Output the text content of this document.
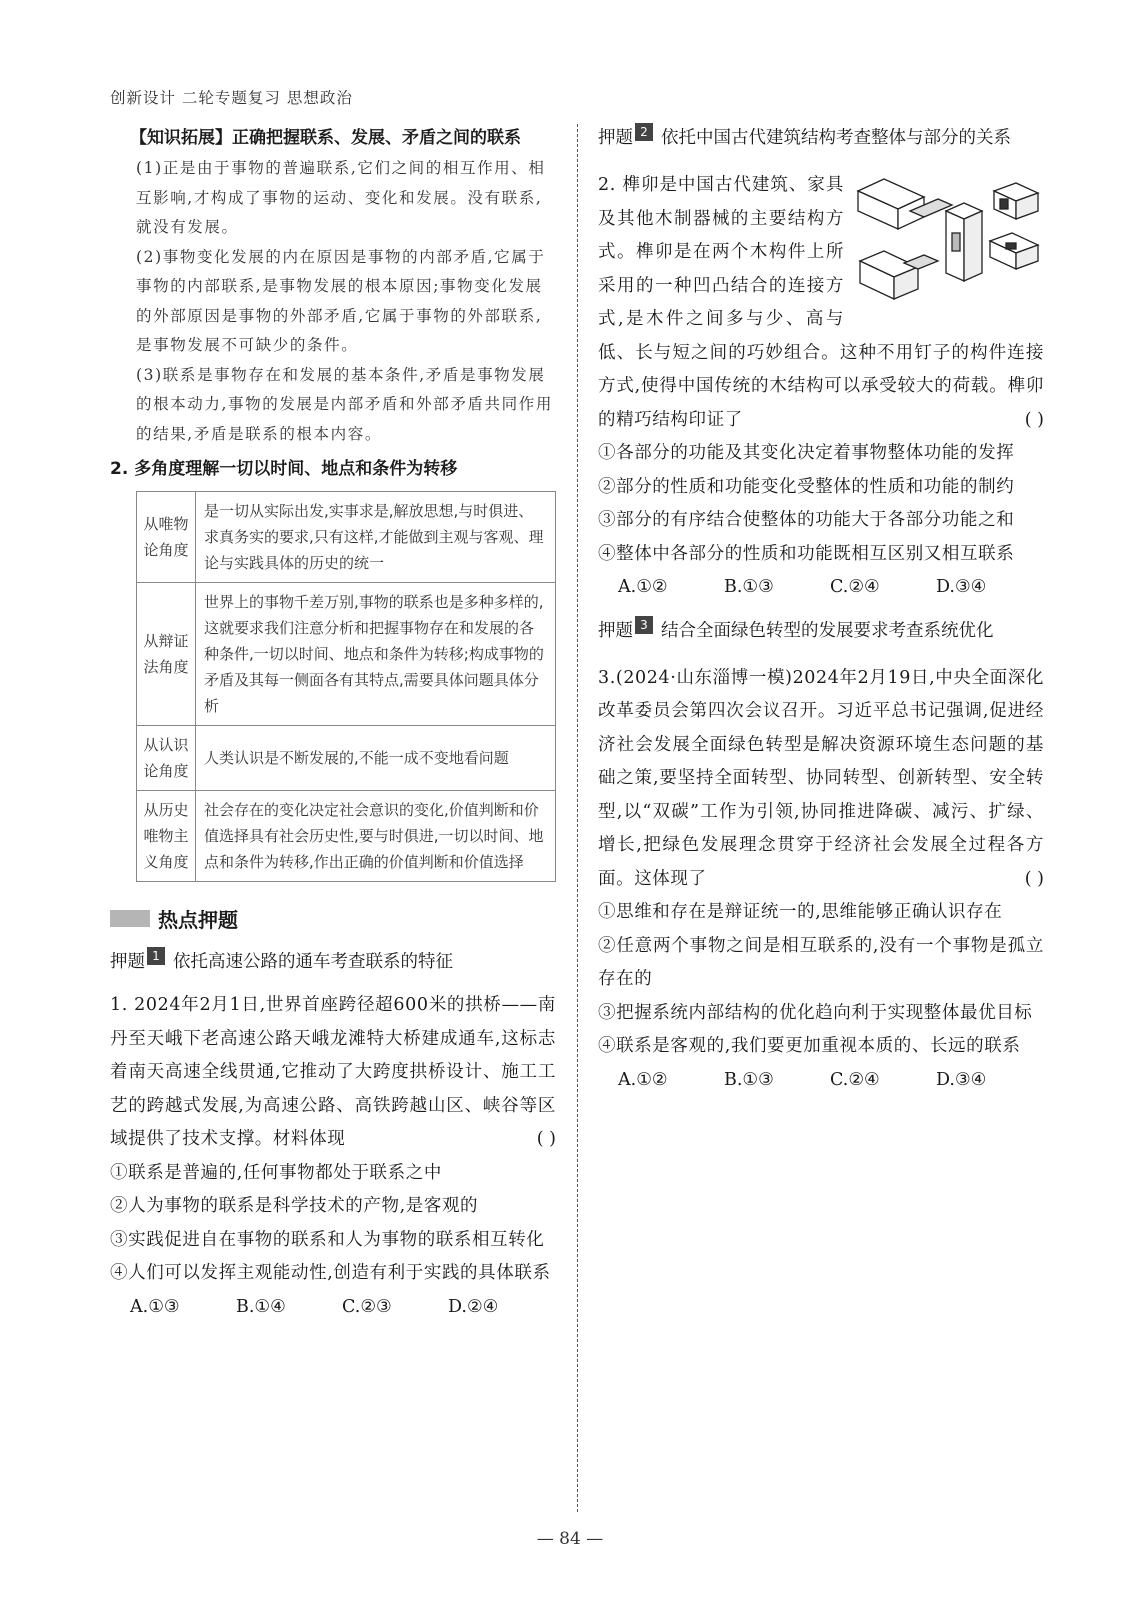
创新设计 二轮专题复习 思想政治
【知识拓展】正确把握联系、发展、矛盾之间的联系

(1)正是由于事物的普遍联系,它们之间的相互作用、相互影响,才构成了事物的运动、变化和发展。没有联系,就没有发展。

(2)事物变化发展的内在原因是事物的内部矛盾,它属于事物的内部联系,是事物发展的根本原因;事物变化发展的外部原因是事物的外部矛盾,它属于事物的外部联系,是事物发展不可缺少的条件。

(3)联系是事物存在和发展的基本条件,矛盾是事物发展的根本动力,事物的发展是内部矛盾和外部矛盾共同作用的结果,矛盾是联系的根本内容。

2. 多角度理解一切以时间、地点和条件为转移
从唯物论角度	是一切从实际出发,实事求是,解放思想,与时俱进、求真务实的要求,只有这样,才能做到主观与客观、理论与实践具体的历史的统一
从辩证法角度	世界上的事物千差万别,事物的联系也是多种多样的,这就要求我们注意分析和把握事物存在和发展的各种条件,一切以时间、地点和条件为转移;构成事物的矛盾及其每一侧面各有其特点,需要具体问题具体分析
从认识论角度	人类认识是不断发展的,不能一成不变地看问题
从历史唯物主义角度	社会存在的变化决定社会意识的变化,价值判断和价值选择具有社会历史性,要与时俱进,一切以时间、地点和条件为转移,作出正确的价值判断和价值选择
热点押题
押题 1 依托高速公路的通车考查联系的特征

1. 2024年2月1日,世界首座跨径超600米的拱桥——南丹至天峨下老高速公路天峨龙滩特大桥建成通车,这标志着南天高速全线贯通,它推动了大跨度拱桥设计、施工工艺的跨越式发展,为高速公路、高铁跨越山区、峡谷等区域提供了技术支撑。材料体现	( )

①联系是普遍的,任何事物都处于联系之中

②人为事物的联系是科学技术的产物,是客观的

③实践促进自在事物的联系和人为事物的联系相互转化

④人们可以发挥主观能动性,创造有利于实践的具体联系

A.①③	B.①④	C.②③	D.②④
押题 2 依托中国古代建筑结构考查整体与部分的关系

2. 榫卯是中国古代建筑、家具及其他木制器械的主要结构方式。榫卯是在两个木构件上所采用的一种凹凸结合的连接方式,是木件之间多与少、高与低、长与短之间的巧妙组合。这种不用钉子的构件连接方式,使得中国传统的木结构可以承受较大的荷载。榫卯的精巧结构印证了	( )

①各部分的功能及其变化决定着事物整体功能的发挥

②部分的性质和功能变化受整体的性质和功能的制约

③部分的有序结合使整体的功能大于各部分功能之和

④整体中各部分的性质和功能既相互区别又相互联系

A.①②	B.①③	C.②④	D.③④
押题 3 结合全面绿色转型的发展要求考查系统优化

3.(2024·山东淄博一模)2024年2月19日,中央全面深化改革委员会第四次会议召开。习近平总书记强调,促进经济社会发展全面绿色转型是解决资源环境生态问题的基础之策,要坚持全面转型、协同转型、创新转型、安全转型,以“双碳”工作为引领,协同推进降碳、减污、扩绿、增长,把绿色发展理念贯穿于经济社会发展全过程各方面。这体现了	( )

①思维和存在是辩证统一的,思维能够正确认识存在

②任意两个事物之间是相互联系的,没有一个事物是孤立存在的

③把握系统内部结构的优化趋向利于实现整体最优目标

④联系是客观的,我们要更加重视本质的、长远的联系

A.①②	B.①③	C.②④	D.③④
— 84 —
